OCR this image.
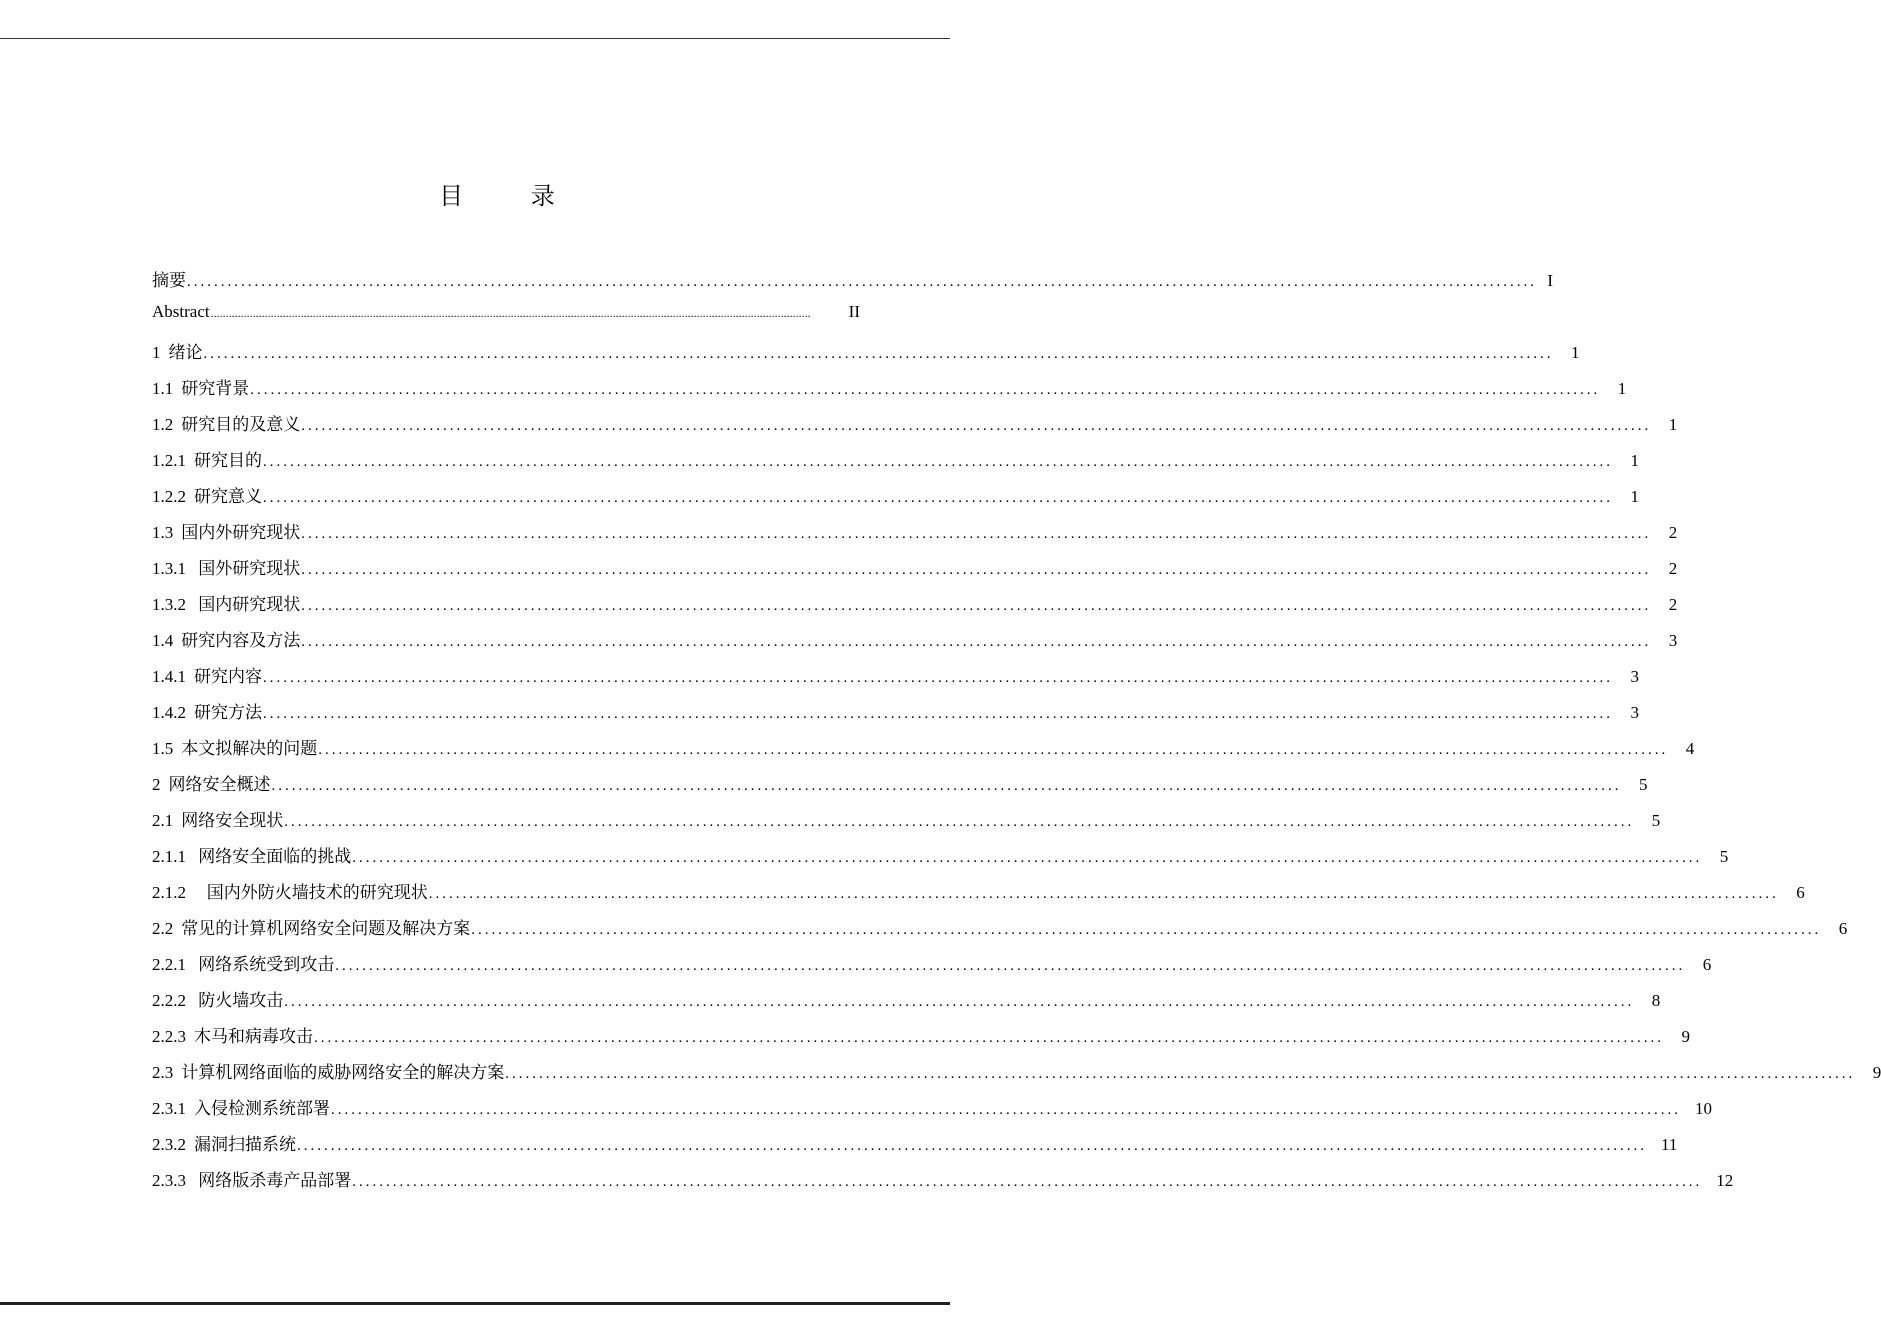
目 录
摘要 ........................................................................................................................................................................................................ I
Abstract ........................................................................................................................................................................................................	II
1 绪论 ........................................................................................................................................................................................................	1
1.1 研究背景 ........................................................................................................................................................................................................	1
1.2 研究目的及意义 ........................................................................................................................................................................................................	1
1.2.1 研究目的 ........................................................................................................................................................................................................	1
1.2.2 研究意义 ........................................................................................................................................................................................................	1
1.3 国内外研究现状 ........................................................................................................................................................................................................	2
1.3.1 国外研究现状 ........................................................................................................................................................................................................	2
1.3.2 国内研究现状 ........................................................................................................................................................................................................	2
1.4 研究内容及方法 ........................................................................................................................................................................................................	3
1.4.1 研究内容 ........................................................................................................................................................................................................	3
1.4.2 研究方法 ........................................................................................................................................................................................................	3
1.5 本文拟解决的问题 ........................................................................................................................................................................................................	4
2 网络安全概述 ........................................................................................................................................................................................................	5
2.1 网络安全现状 ........................................................................................................................................................................................................	5
2.1.1 网络安全面临的挑战 ........................................................................................................................................................................................................	5
2.1.2 国内外防火墙技术的研究现状 ........................................................................................................................................................................................................	6
2.2 常见的计算机网络安全问题及解决方案 ........................................................................................................................................................................................................	6
2.2.1 网络系统受到攻击 ........................................................................................................................................................................................................	6
2.2.2 防火墙攻击 ........................................................................................................................................................................................................	8
2.2.3 木马和病毒攻击 ........................................................................................................................................................................................................	9
2.3 计算机网络面临的威胁网络安全的解决方案 ........................................................................................................................................................................................................	9
2.3.1 入侵检测系统部署 ........................................................................................................................................................................................................ 10
2.3.2 漏洞扫描系统 ........................................................................................................................................................................................................ 11
2.3.3 网络版杀毒产品部署 ........................................................................................................................................................................................................ 12
